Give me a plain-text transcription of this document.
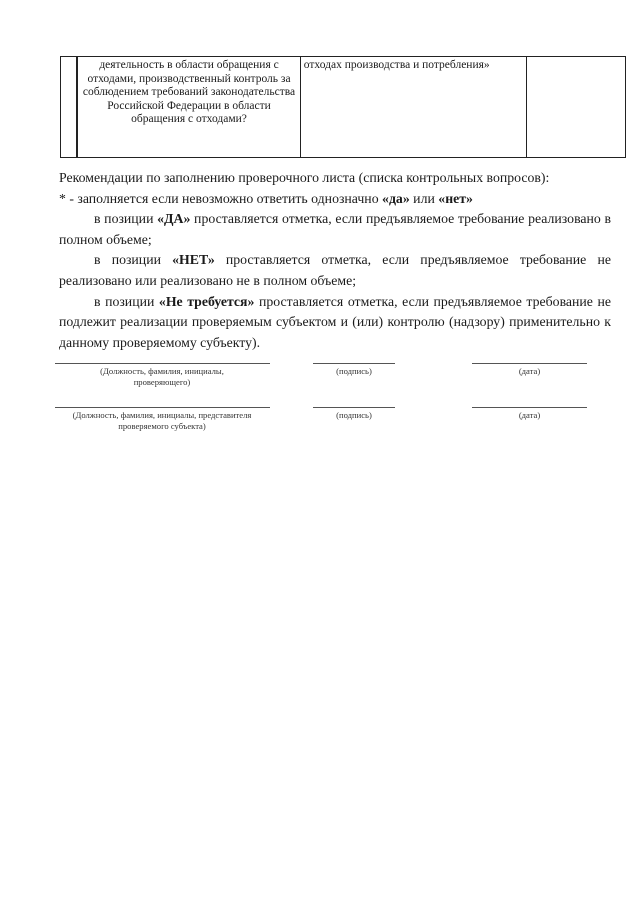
	деятельность в области обращения с отходами, производственный контроль за соблюдением требований законодательства Российской Федерации в области обращения с отходами?	отходах производства и потребления»	

Рекомендации по заполнению проверочного листа (списка контрольных вопросов):

* - заполняется если невозможно ответить однозначно «да» или «нет»

в позиции «ДА» проставляется отметка, если предъявляемое требование реализовано в полном объеме;

в позиции «НЕТ» проставляется отметка, если предъявляемое требование не реализовано или реализовано не в полном объеме;

в позиции «Не требуется» проставляется отметка, если предъявляемое требование не подлежит реализации проверяемым субъектом и (или) контролю (надзору) применительно к данному проверяемому субъекту).

(Должность, фамилия, инициалы, проверяющего)
(подпись)	(дата)
(Должность, фамилия, инициалы, представителя проверяемого субъекта)
(подпись)	(дата)
